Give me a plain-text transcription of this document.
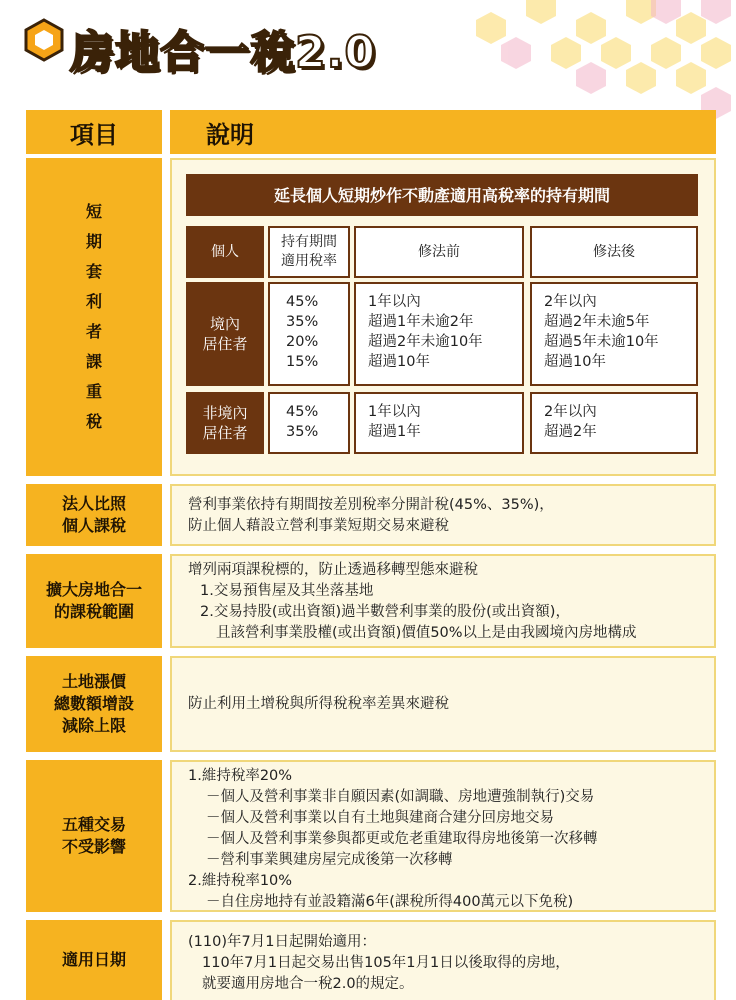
房地合一稅2.0
項目	說明
短
期
套
利
者
課
重
稅
延長個人短期炒作不動產適用高稅率的持有期間
個人
持有期間
適用稅率
修法前	修法後
境內
居住者
45%
35%
20%
15%
1年以內
超過1年未逾2年
超過2年未逾10年
超過10年
2年以內
超過2年未逾5年
超過5年未逾10年
超過10年
非境內
居住者
45%
35%
1年以內
超過1年
2年以內
超過2年
法人比照
個人課稅
營利事業依持有期間按差別稅率分開計稅(45%、35%)，
防止個人藉設立營利事業短期交易來避稅
擴大房地合一
的課稅範圍
增列兩項課稅標的，防止透過移轉型態來避稅
1.交易預售屋及其坐落基地
2.交易持股(或出資額)過半數營利事業的股份(或出資額)，
且該營利事業股權(或出資額)價值50%以上是由我國境內房地構成
土地漲價
總數額增設
減除上限
防止利用土增稅與所得稅稅率差異來避稅
五種交易
不受影響
1.維持稅率20%
－個人及營利事業非自願因素(如調職、房地遭強制執行)交易
－個人及營利事業以自有土地與建商合建分回房地交易
－個人及營利事業參與都更或危老重建取得房地後第一次移轉
－營利事業興建房屋完成後第一次移轉
2.維持稅率10%
－自住房地持有並設籍滿6年(課稅所得400萬元以下免稅)
適用日期
(110)年7月1日起開始適用：
110年7月1日起交易出售105年1月1日以後取得的房地，
就要適用房地合一稅2.0的規定。
